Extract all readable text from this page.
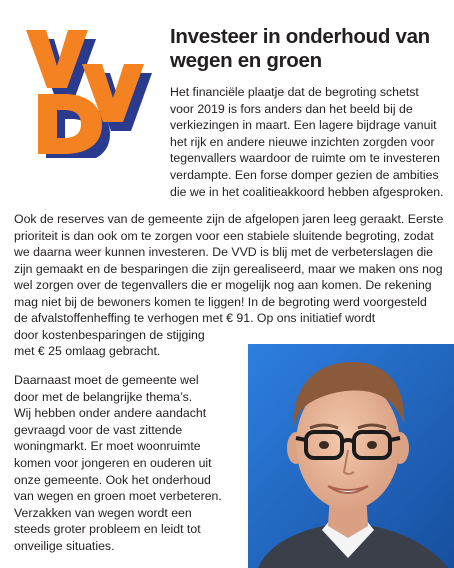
Investeer in onderhoud van
wegen en groen

Het financiële plaatje dat de begroting schetst
voor 2019 is fors anders dan het beeld bij de
verkiezingen in maart. Een lagere bijdrage vanuit
het rijk en andere nieuwe inzichten zorgden voor
tegenvallers waardoor de ruimte om te investeren
verdampte. Een forse domper gezien de ambities
die we in het coalitieakkoord hebben afgesproken.

Ook de reserves van de gemeente zijn de afgelopen jaren leeg geraakt. Eerste
prioriteit is dan ook om te zorgen voor een stabiele sluitende begroting, zodat
we daarna weer kunnen investeren. De VVD is blij met de verbeterslagen die
zijn gemaakt en de besparingen die zijn gerealiseerd, maar we maken ons nog
wel zorgen over de tegenvallers die er mogelijk nog aan komen. De rekening
mag niet bij de bewoners komen te liggen! In de begroting werd voorgesteld
de afvalstoffenheffing te verhogen met € 91. Op ons initiatief wordt
door kostenbesparingen de stijging
met € 25 omlaag gebracht.

Daarnaast moet de gemeente wel
door met de belangrijke thema’s.
Wij hebben onder andere aandacht
gevraagd voor de vast zittende
woningmarkt. Er moet woonruimte
komen voor jongeren en ouderen uit
onze gemeente. Ook het onderhoud
van wegen en groen moet verbeteren.
Verzakken van wegen wordt een
steeds groter probleem en leidt tot
onveilige situaties.
